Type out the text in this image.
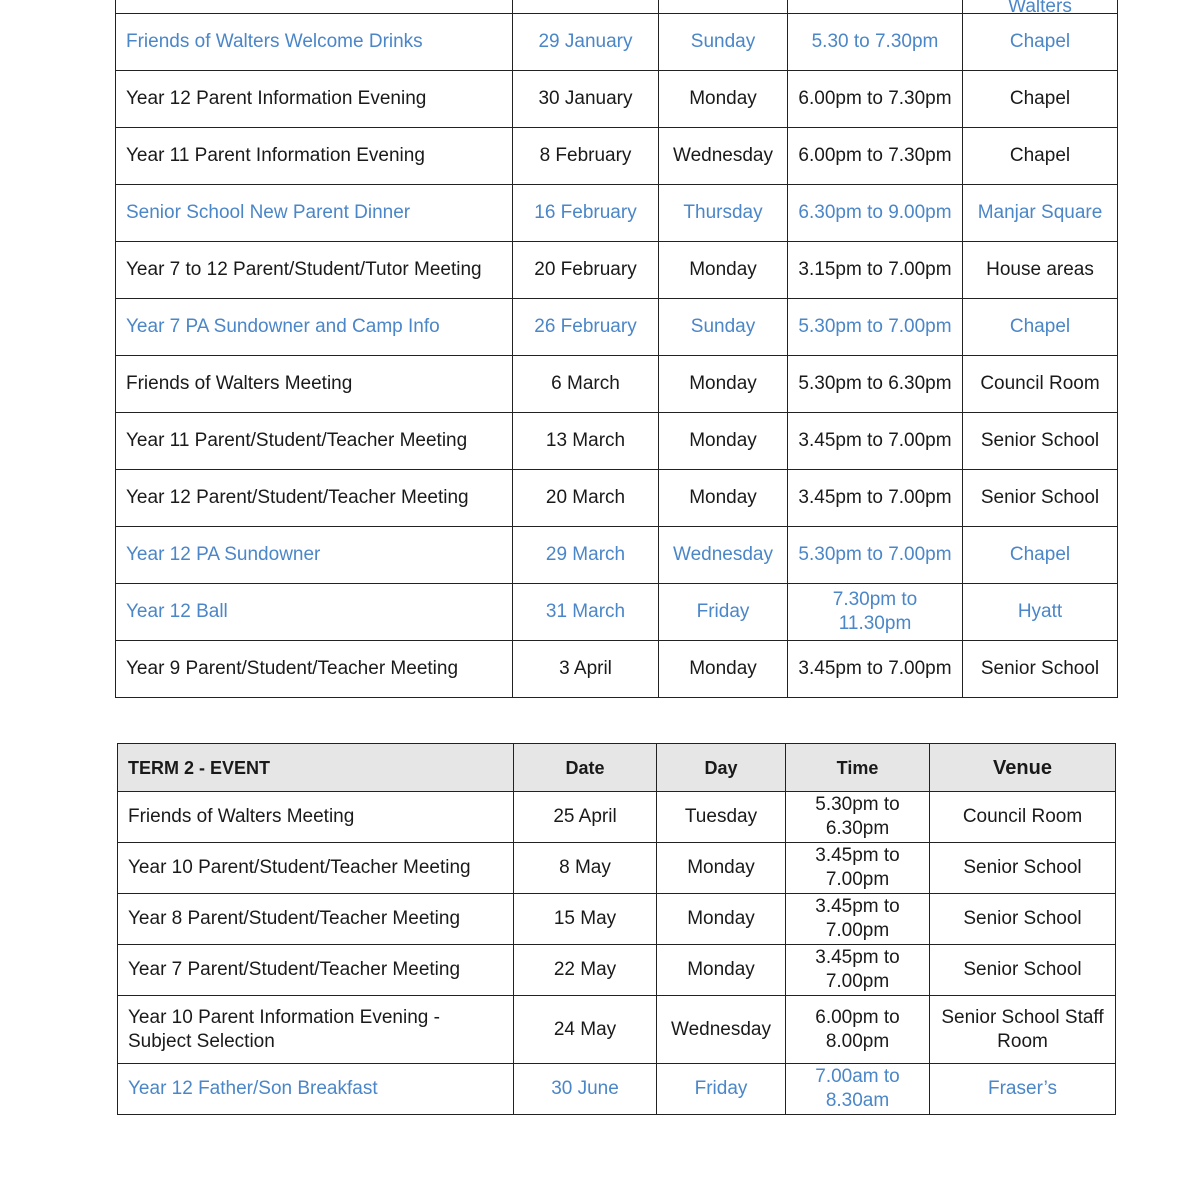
				Walters
Friends of Walters Welcome Drinks	29 January	Sunday	5.30 to 7.30pm	Chapel
Year 12 Parent Information Evening	30 January	Monday	6.00pm to 7.30pm	Chapel
Year 11 Parent Information Evening	8 February	Wednesday	6.00pm to 7.30pm	Chapel
Senior School New Parent Dinner	16 February	Thursday	6.30pm to 9.00pm	Manjar Square
Year 7 to 12 Parent/Student/Tutor Meeting	20 February	Monday	3.15pm to 7.00pm	House areas
Year 7 PA Sundowner and Camp Info	26 February	Sunday	5.30pm to 7.00pm	Chapel
Friends of Walters Meeting	6 March	Monday	5.30pm to 6.30pm	Council Room
Year 11 Parent/Student/Teacher Meeting	13 March	Monday	3.45pm to 7.00pm	Senior School
Year 12 Parent/Student/Teacher Meeting	20 March	Monday	3.45pm to 7.00pm	Senior School
Year 12 PA Sundowner	29 March	Wednesday	5.30pm to 7.00pm	Chapel
Year 12 Ball	31 March	Friday	7.30pm to 11.30pm	Hyatt
Year 9 Parent/Student/Teacher Meeting	3 April	Monday	3.45pm to 7.00pm	Senior School
TERM 2 - EVENT	Date	Day	Time	Venue
Friends of Walters Meeting	25 April	Tuesday	5.30pm to 6.30pm	Council Room
Year 10 Parent/Student/Teacher Meeting	8 May	Monday	3.45pm to 7.00pm	Senior School
Year 8 Parent/Student/Teacher Meeting	15 May	Monday	3.45pm to 7.00pm	Senior School
Year 7 Parent/Student/Teacher Meeting	22 May	Monday	3.45pm to 7.00pm	Senior School
Year 10 Parent Information Evening - Subject Selection	24 May	Wednesday	6.00pm to 8.00pm	Senior School Staff Room
Year 12 Father/Son Breakfast	30 June	Friday	7.00am to 8.30am	Fraser’s
